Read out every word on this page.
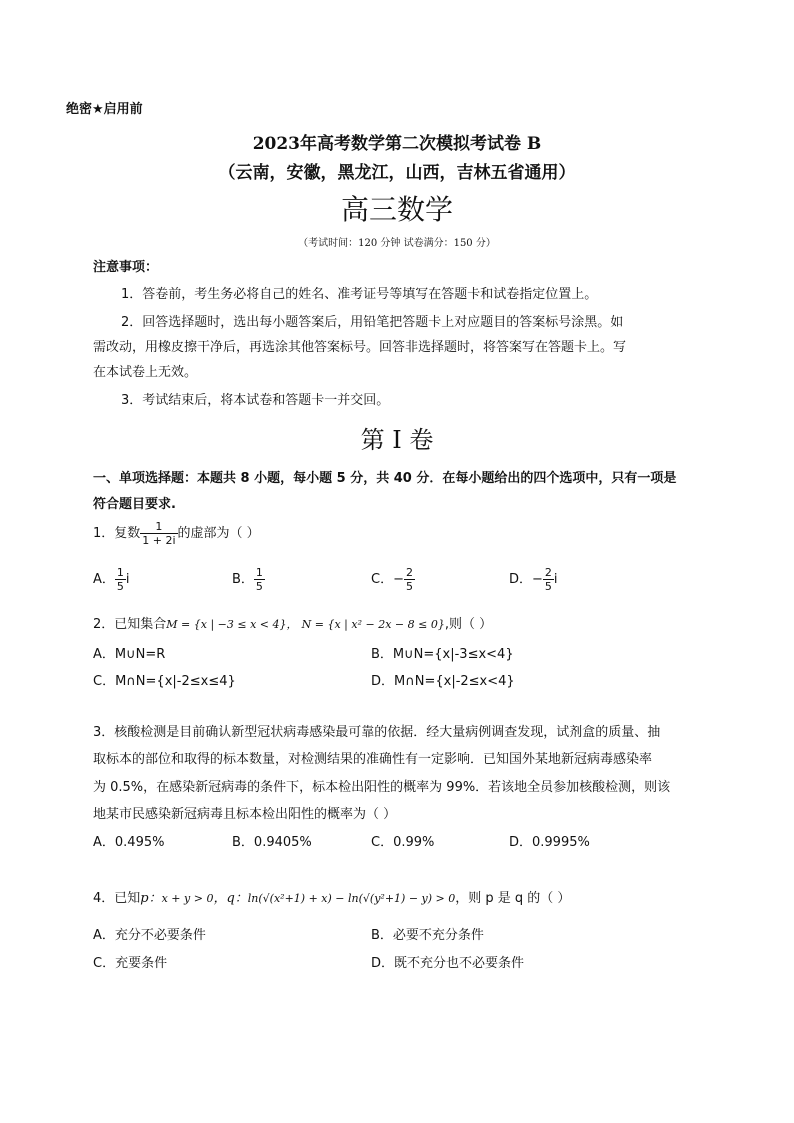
绝密★启用前
2023年高考数学第二次模拟考试卷 B
（云南，安徽，黑龙江，山西，吉林五省通用）
高三数学
（考试时间：120 分钟 试卷满分：150 分）
注意事项：
1．答卷前，考生务必将自己的姓名、准考证号等填写在答题卡和试卷指定位置上。
2．回答选择题时，选出每小题答案后，用铅笔把答题卡上对应题目的答案标号涂黑。如
需改动，用橡皮擦干净后，再选涂其他答案标号。回答非选择题时，将答案写在答题卡上。写
在本试卷上无效。
3．考试结束后，将本试卷和答题卡一并交回。
第 I 卷
一、单项选择题：本题共 8 小题，每小题 5 分，共 40 分．在每小题给出的四个选项中，只有一项是
符合题目要求.
1．复数 $\frac{1}{1 + 2i}$ 的虚部为（ ）
A． $\frac{1}{5}$ i	B． $\frac{1}{5}$	C．− $\frac{2}{5}$	D．− $\frac{2}{5}$ i
2．已知集合M = {x | −3 ≤ x < 4}， N = {x | x² − 2x − 8 ≤ 0},则（ ）
A．M∪N=R	B．M∪N={x|-3≤x<4}
C．M∩N={x|-2≤x≤4}	D．M∩N={x|-2≤x<4}
3．核酸检测是目前确认新型冠状病毒感染最可靠的依据．经大量病例调查发现，试剂盒的质量、抽
取标本的部位和取得的标本数量，对检测结果的准确性有一定影响．已知国外某地新冠病毒感染率
为 0.5%，在感染新冠病毒的条件下，标本检出阳性的概率为 99%．若该地全员参加核酸检测，则该
地某市民感染新冠病毒且标本检出阳性的概率为（ ）
A．0.495%	B．0.9405%	C．0.99%	D．0.9995%
4．已知p：x + y > 0，q：ln(√(x²+1) + x) − ln(√(y²+1) − y) > 0，则 p 是 q 的（ ）
A．充分不必要条件	B．必要不充分条件
C．充要条件	D．既不充分也不必要条件
